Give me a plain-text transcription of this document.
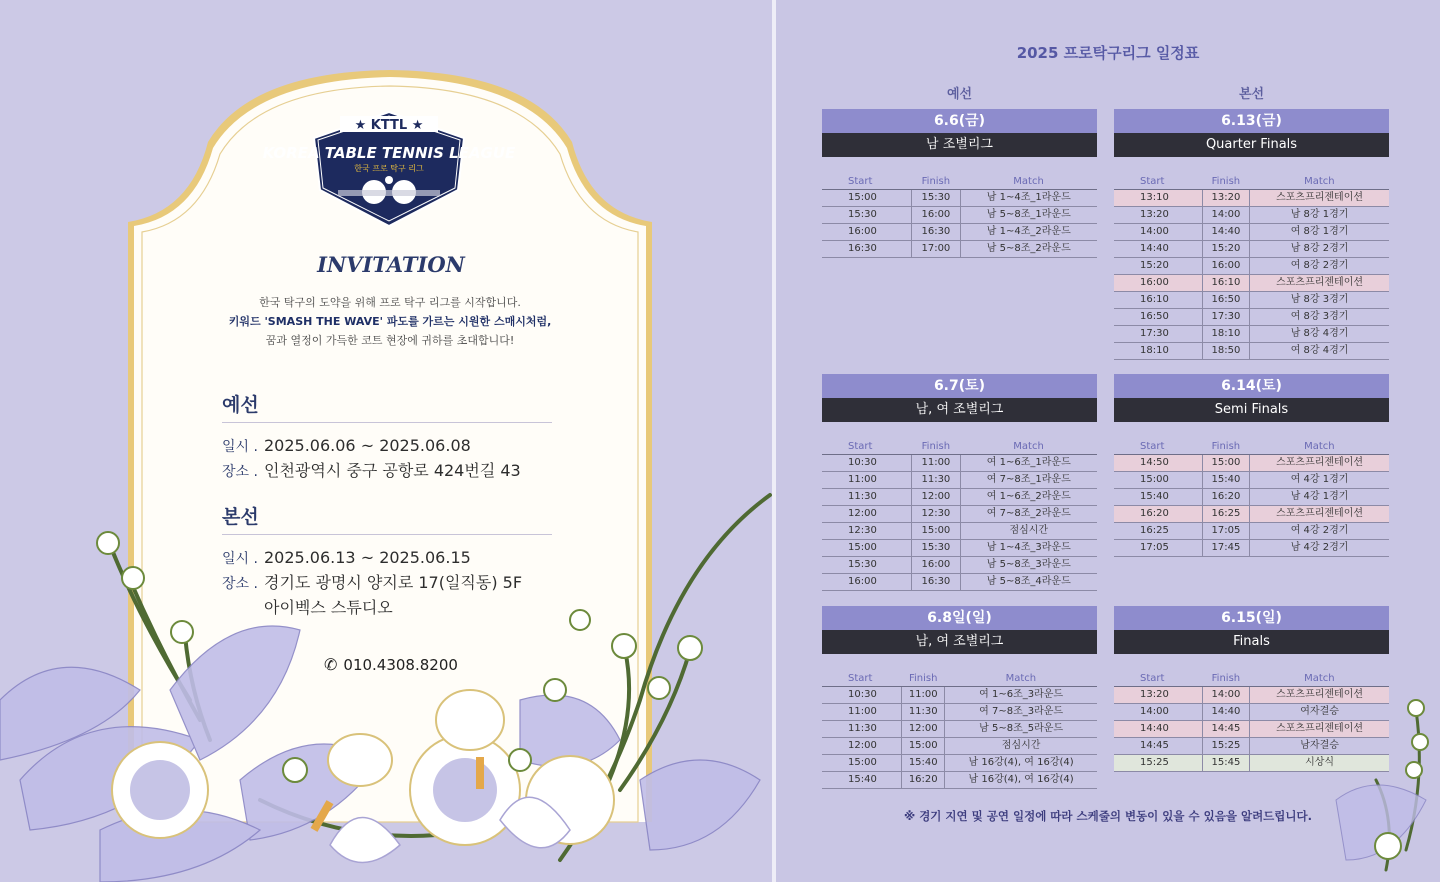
★ KTTL ★
KOREA TABLE TENNIS LEAGUE
한국 프로 탁구 리그
INVITATION
한국 탁구의 도약을 위해 프로 탁구 리그를 시작합니다.
키워드 'SMASH THE WAVE' 파도를 가르는 시원한 스매시처럼,
꿈과 열정이 가득한 코트 현장에 귀하를 초대합니다!
예선
일시 . 2025.06.06 ~ 2025.06.08
장소 . 인천광역시 중구 공항로 424번길 43
본선
일시 . 2025.06.13 ~ 2025.06.15
장소 . 경기도 광명시 양지로 17(일직동) 5F
아이벡스 스튜디오
✆ 010.4308.8200
2025 프로탁구리그 일정표
예선	본선
6.6(금)
남 조별리그
Start	Finish	Match
15:00	15:30	남 1~4조_1라운드
15:30	16:00	남 5~8조_1라운드
16:00	16:30	남 1~4조_2라운드
16:30	17:00	남 5~8조_2라운드
6.13(금)
Quarter Finals
Start	Finish	Match
13:10	13:20	스포츠프리젠테이션
13:20	14:00	남 8강 1경기
14:00	14:40	여 8강 1경기
14:40	15:20	남 8강 2경기
15:20	16:00	여 8강 2경기
16:00	16:10	스포츠프리젠테이션
16:10	16:50	남 8강 3경기
16:50	17:30	여 8강 3경기
17:30	18:10	남 8강 4경기
18:10	18:50	여 8강 4경기
6.7(토)
남, 여 조별리그
Start	Finish	Match
10:30	11:00	여 1~6조_1라운드
11:00	11:30	여 7~8조_1라운드
11:30	12:00	여 1~6조_2라운드
12:00	12:30	여 7~8조_2라운드
12:30	15:00	점심시간
15:00	15:30	남 1~4조_3라운드
15:30	16:00	남 5~8조_3라운드
16:00	16:30	남 5~8조_4라운드
6.14(토)
Semi Finals
Start	Finish	Match
14:50	15:00	스포츠프리젠테이션
15:00	15:40	여 4강 1경기
15:40	16:20	남 4강 1경기
16:20	16:25	스포츠프리젠테이션
16:25	17:05	여 4강 2경기
17:05	17:45	남 4강 2경기
6.8일(일)
남, 여 조별리그
Start	Finish	Match
10:30	11:00	여 1~6조_3라운드
11:00	11:30	여 7~8조_3라운드
11:30	12:00	남 5~8조_5라운드
12:00	15:00	점심시간
15:00	15:40	남 16강(4), 여 16강(4)
15:40	16:20	남 16강(4), 여 16강(4)
6.15(일)
Finals
Start	Finish	Match
13:20	14:00	스포츠프리젠테이션
14:00	14:40	여자결승
14:40	14:45	스포츠프리젠테이션
14:45	15:25	남자결승
15:25	15:45	시상식
※ 경기 지연 및 공연 일정에 따라 스케줄의 변동이 있을 수 있음을 알려드립니다.
